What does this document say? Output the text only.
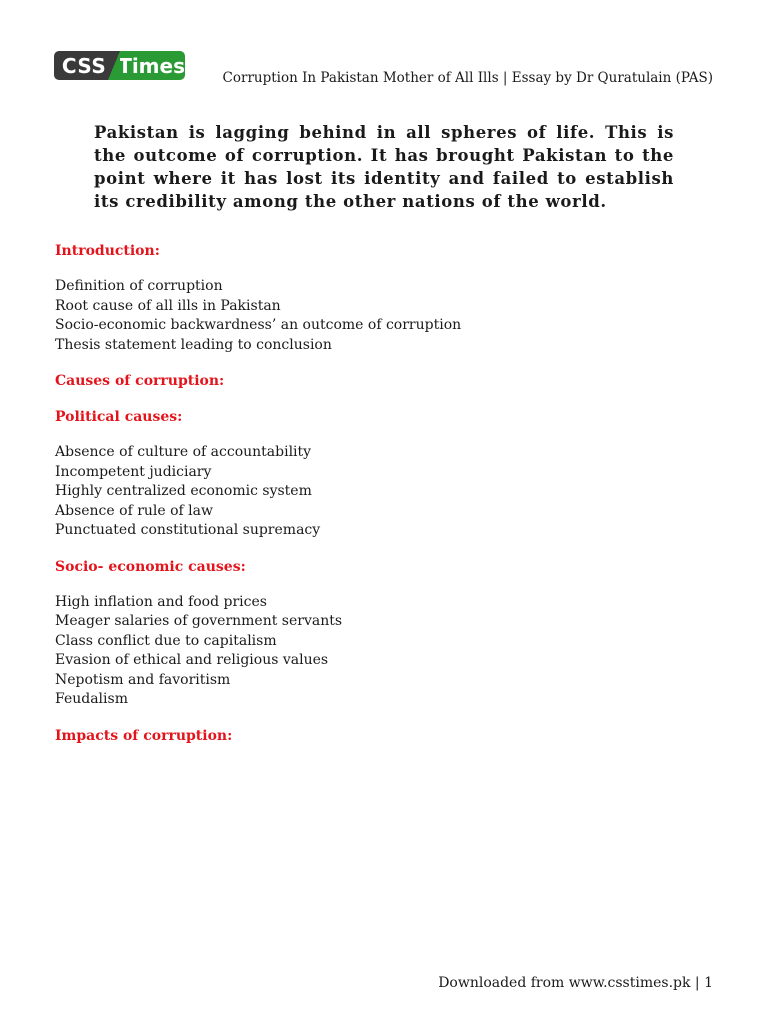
CSS Times
Corruption In Pakistan Mother of All Ills | Essay by Dr Quratulain (PAS)

Pakistan is lagging behind in all spheres of life. This is the outcome of corruption. It has brought Pakistan to the point where it has lost its identity and failed to establish its credibility among the other nations of the world.

Introduction:
Definition of corruption
Root cause of all ills in Pakistan
Socio-economic backwardness’ an outcome of corruption
Thesis statement leading to conclusion
Causes of corruption:
Political causes:
Absence of culture of accountability
Incompetent judiciary
Highly centralized economic system
Absence of rule of law
Punctuated constitutional supremacy
Socio- economic causes:
High inflation and food prices
Meager salaries of government servants
Class conflict due to capitalism
Evasion of ethical and religious values
Nepotism and favoritism
Feudalism
Impacts of corruption:
Downloaded from www.csstimes.pk | 1
